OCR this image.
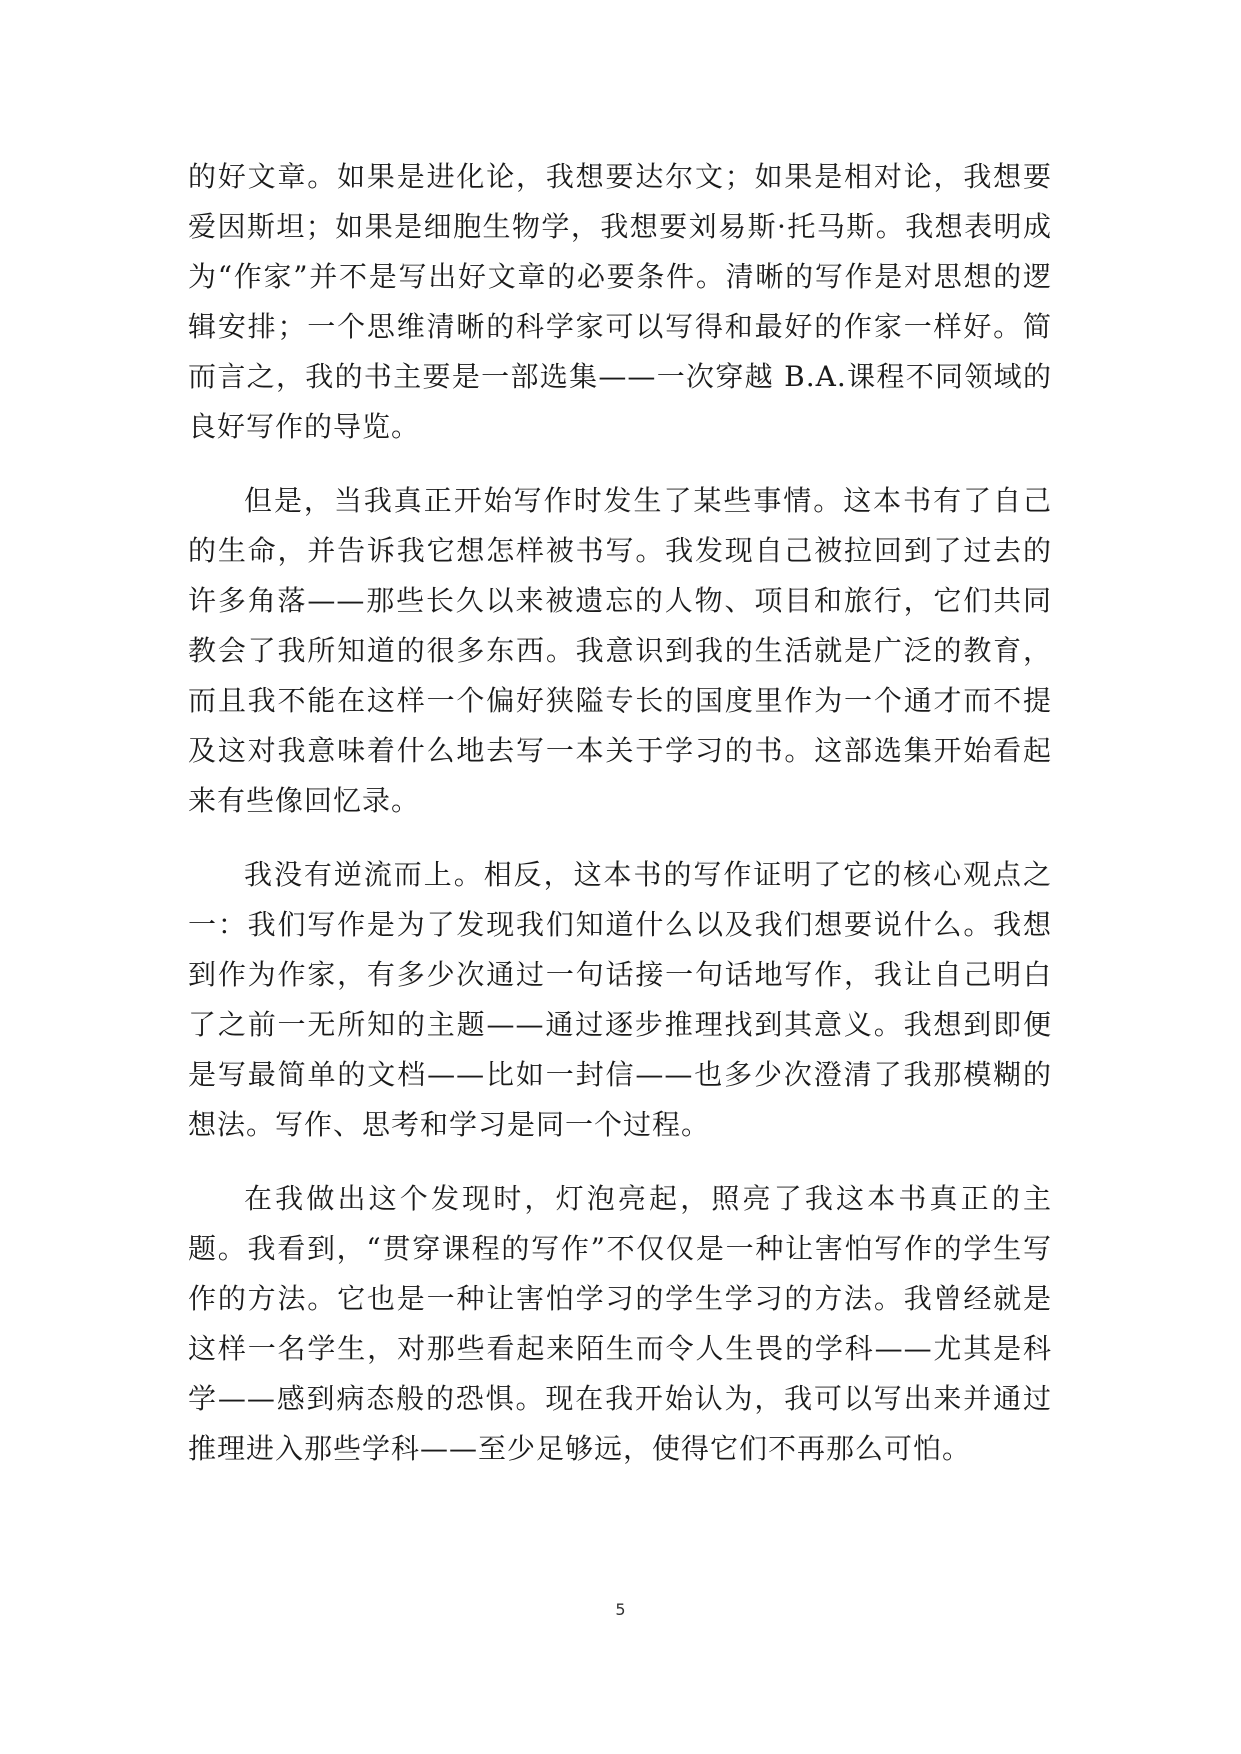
的好文章。如果是进化论，我想要达尔文；如果是相对论，我想要爱因斯坦；如果是细胞生物学，我想要刘易斯·托马斯。我想表明成为“作家”并不是写出好文章的必要条件。清晰的写作是对思想的逻辑安排；一个思维清晰的科学家可以写得和最好的作家一样好。简而言之，我的书主要是一部选集——一次穿越 B.A.课程不同领域的良好写作的导览。

但是，当我真正开始写作时发生了某些事情。这本书有了自己的生命，并告诉我它想怎样被书写。我发现自己被拉回到了过去的许多角落——那些长久以来被遗忘的人物、项目和旅行，它们共同教会了我所知道的很多东西。我意识到我的生活就是广泛的教育，而且我不能在这样一个偏好狭隘专长的国度里作为一个通才而不提及这对我意味着什么地去写一本关于学习的书。这部选集开始看起来有些像回忆录。

我没有逆流而上。相反，这本书的写作证明了它的核心观点之一：我们写作是为了发现我们知道什么以及我们想要说什么。我想到作为作家，有多少次通过一句话接一句话地写作，我让自己明白了之前一无所知的主题——通过逐步推理找到其意义。我想到即便是写最简单的文档——比如一封信——也多少次澄清了我那模糊的想法。写作、思考和学习是同一个过程。

在我做出这个发现时，灯泡亮起，照亮了我这本书真正的主题。我看到，“贯穿课程的写作”不仅仅是一种让害怕写作的学生写作的方法。它也是一种让害怕学习的学生学习的方法。我曾经就是这样一名学生，对那些看起来陌生而令人生畏的学科——尤其是科学——感到病态般的恐惧。现在我开始认为，我可以写出来并通过推理进入那些学科——至少足够远，使得它们不再那么可怕。

5
